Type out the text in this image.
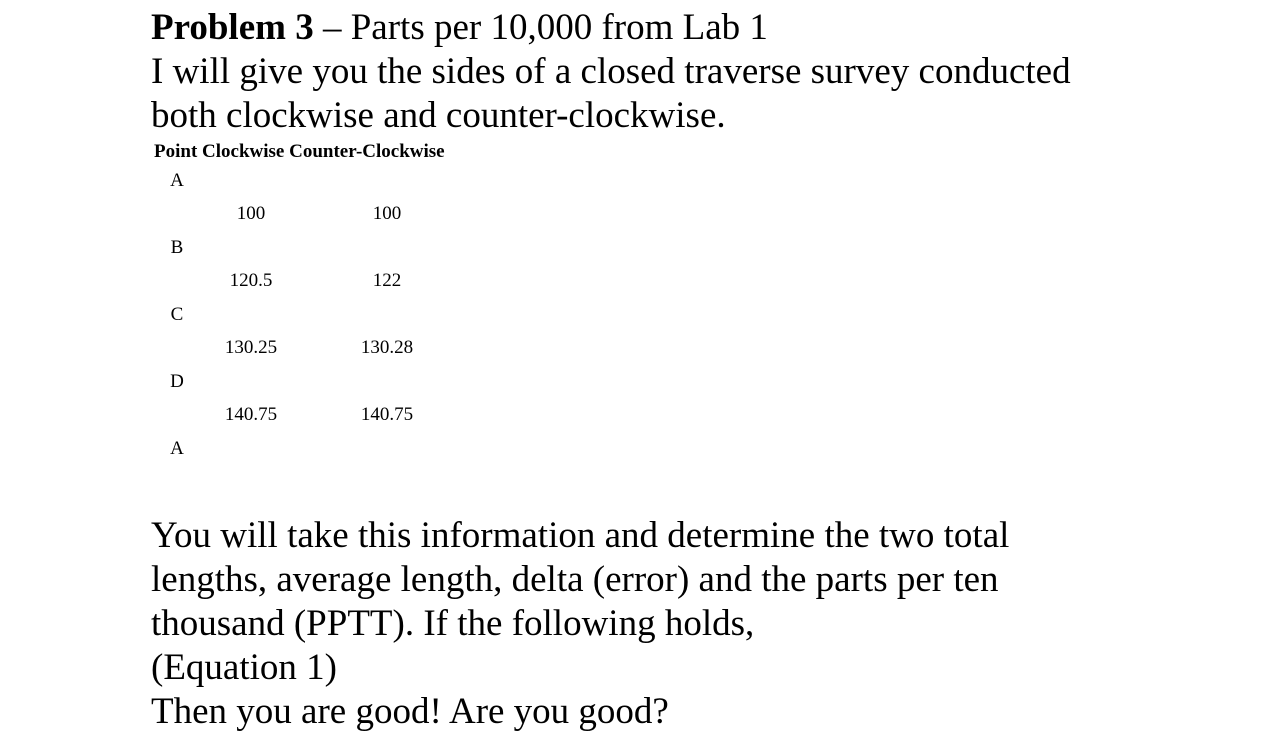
Problem 3 – Parts per 10,000 from Lab 1
I will give you the sides of a closed traverse survey conducted
both clockwise and counter-clockwise.
Point Clockwise Counter-Clockwise
A
100	100
B
120.5	122
C
130.25	130.28
D
140.75	140.75
A
You will take this information and determine the two total
lengths, average length, delta (error) and the parts per ten
thousand (PPTT). If the following holds,
(Equation 1)
Then you are good! Are you good?
